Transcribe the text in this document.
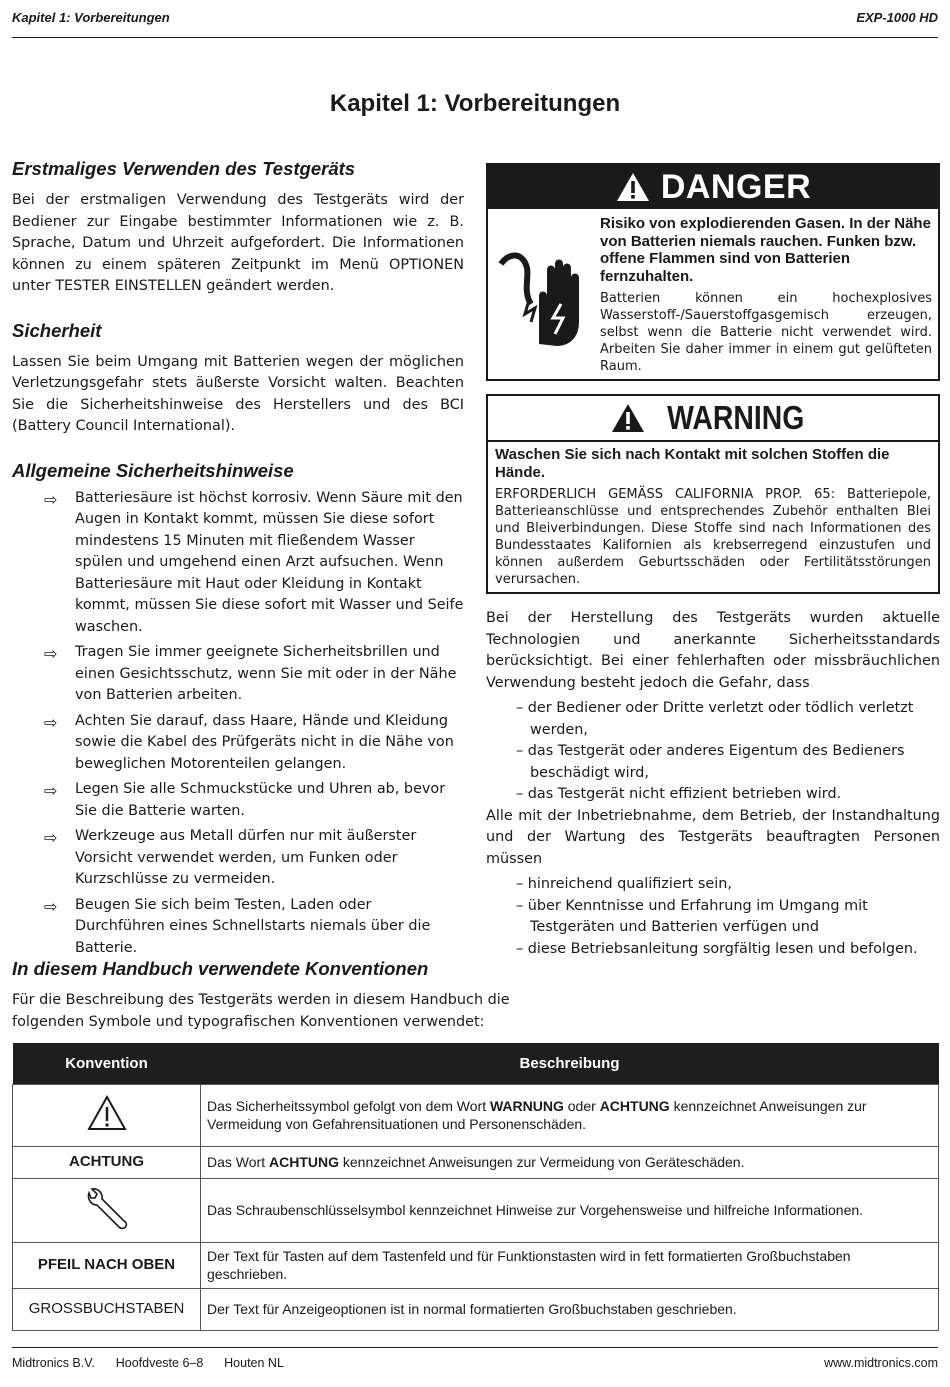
Kapitel 1: Vorbereitungen	EXP-1000 HD
Kapitel 1: Vorbereitungen
Erstmaliges Verwenden des Testgeräts

Bei der erstmaligen Verwendung des Testgeräts wird der Bediener zur Eingabe bestimmter Informationen wie z. B. Sprache, Datum und Uhrzeit aufgefordert. Die Informationen können zu einem späteren Zeitpunkt im Menü OPTIONEN unter TESTER EINSTELLEN geändert werden.

Sicherheit

Lassen Sie beim Umgang mit Batterien wegen der möglichen Verletzungsgefahr stets äußerste Vorsicht walten. Beachten Sie die Sicherheitshinweise des Herstellers und des BCI (Battery Council International).

Allgemeine Sicherheitshinweise
⇨ Batteriesäure ist höchst korrosiv. Wenn Säure mit den Augen in Kontakt kommt, müssen Sie diese sofort mindestens 15 Minuten mit fließendem Wasser spülen und umgehend einen Arzt aufsuchen. Wenn Batteriesäure mit Haut oder Kleidung in Kontakt kommt, müssen Sie diese sofort mit Wasser und Seife waschen.
⇨ Tragen Sie immer geeignete Sicherheitsbrillen und einen Gesichtsschutz, wenn Sie mit oder in der Nähe von Batterien arbeiten.
⇨ Achten Sie darauf, dass Haare, Hände und Kleidung sowie die Kabel des Prüfgeräts nicht in die Nähe von beweglichen Motorenteilen gelangen.
⇨ Legen Sie alle Schmuckstücke und Uhren ab, bevor Sie die Batterie warten.
⇨ Werkzeuge aus Metall dürfen nur mit äußerster Vorsicht verwendet werden, um Funken oder Kurzschlüsse zu vermeiden.
⇨ Beugen Sie sich beim Testen, Laden oder Durchführen eines Schnellstarts niemals über die Batterie.
DANGER

Risiko von explodierenden Gasen. In der Nähe von Batterien niemals rauchen. Funken bzw. offene Flammen sind von Batterien fernzuhalten.

Batterien können ein hochexplosives Wasserstoff-/Sauerstoffgasgemisch erzeugen, selbst wenn die Batterie nicht verwendet wird. Arbeiten Sie daher immer in einem gut gelüfteten Raum.

WARNING

Waschen Sie sich nach Kontakt mit solchen Stoffen die Hände.

ERFORDERLICH GEMÄSS CALIFORNIA PROP. 65: Batteriepole, Batterieanschlüsse und entsprechendes Zubehör enthalten Blei und Bleiverbindungen. Diese Stoffe sind nach Informationen des Bundesstaates Kalifornien als krebserregend einzustufen und können außerdem Geburtsschäden oder Fertilitätsstörungen verursachen.

Bei der Herstellung des Testgeräts wurden aktuelle Technologien und anerkannte Sicherheitsstandards berücksichtigt. Bei einer fehlerhaften oder missbräuchlichen Verwendung besteht jedoch die Gefahr, dass

– der Bediener oder Dritte verletzt oder tödlich verletzt werden,

– das Testgerät oder anderes Eigentum des Bedieners beschädigt wird,

– das Testgerät nicht effizient betrieben wird.

Alle mit der Inbetriebnahme, dem Betrieb, der Instandhaltung und der Wartung des Testgeräts beauftragten Personen müssen

– hinreichend qualifiziert sein,

– über Kenntnisse und Erfahrung im Umgang mit Testgeräten und Batterien verfügen und

– diese Betriebsanleitung sorgfältig lesen und befolgen.

In diesem Handbuch verwendete Konventionen

Für die Beschreibung des Testgeräts werden in diesem Handbuch die folgenden Symbole und typografischen Konventionen verwendet:

Konvention	Beschreibung
	Das Sicherheitssymbol gefolgt von dem Wort WARNUNG oder ACHTUNG kennzeichnet Anweisungen zur Vermeidung von Gefahrensituationen und Personenschäden.
ACHTUNG	Das Wort ACHTUNG kennzeichnet Anweisungen zur Vermeidung von Geräteschäden.
	Das Schraubenschlüsselsymbol kennzeichnet Hinweise zur Vorgehensweise und hilfreiche Informationen.
PFEIL NACH OBEN	Der Text für Tasten auf dem Tastenfeld und für Funktionstasten wird in fett formatierten Großbuchstaben geschrieben.
GROSSBUCHSTABEN	Der Text für Anzeigeoptionen ist in normal formatierten Großbuchstaben geschrieben.
Midtronics B.V. Hoofdveste 6–8 Houten NL	www.midtronics.com
